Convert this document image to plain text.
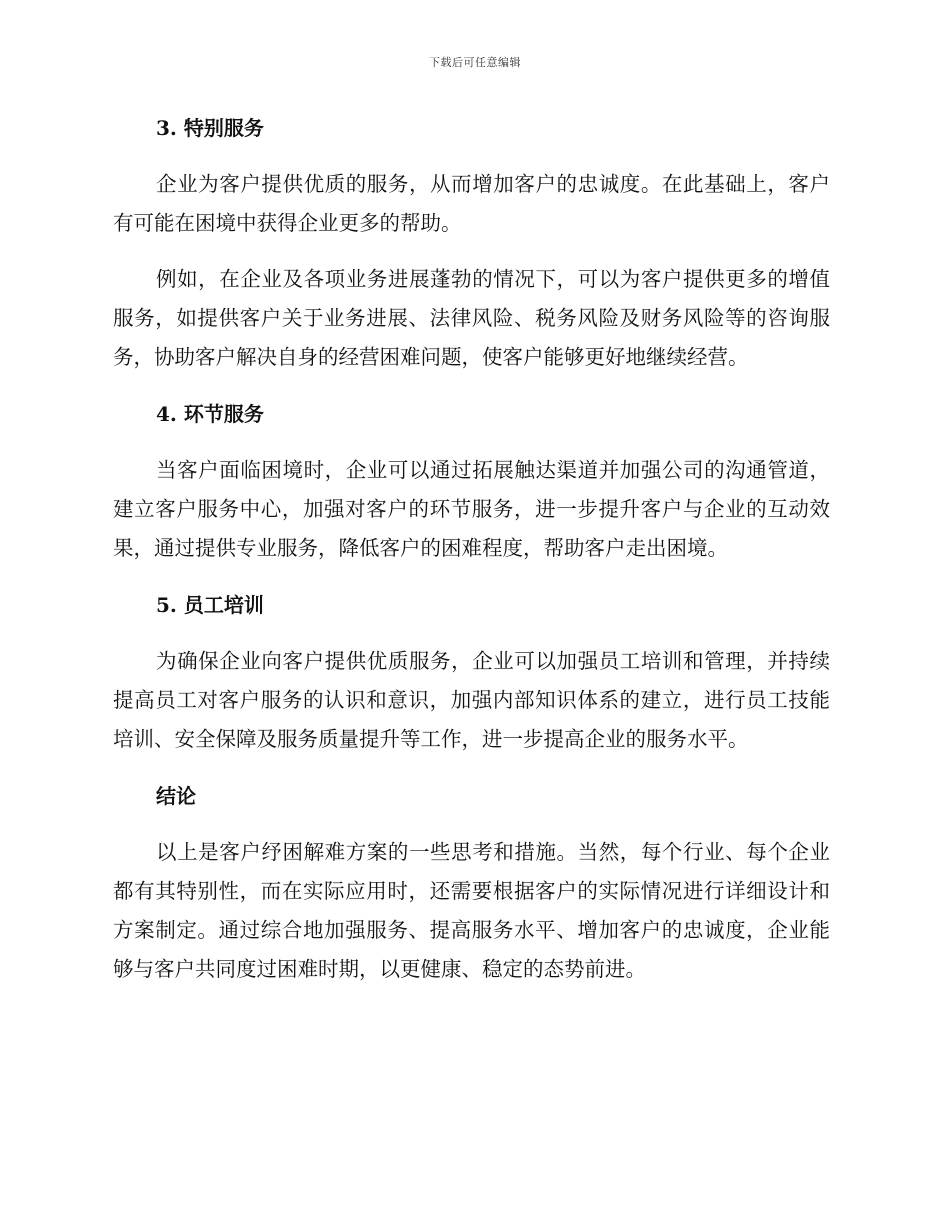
下载后可任意编辑
3. 特别服务

企业为客户提供优质的服务，从而增加客户的忠诚度。在此基础上，客户有可能在困境中获得企业更多的帮助。

例如，在企业及各项业务进展蓬勃的情况下，可以为客户提供更多的增值服务，如提供客户关于业务进展、法律风险、税务风险及财务风险等的咨询服务，协助客户解决自身的经营困难问题，使客户能够更好地继续经营。

4. 环节服务

当客户面临困境时，企业可以通过拓展触达渠道并加强公司的沟通管道，建立客户服务中心，加强对客户的环节服务，进一步提升客户与企业的互动效果，通过提供专业服务，降低客户的困难程度，帮助客户走出困境。

5. 员工培训

为确保企业向客户提供优质服务，企业可以加强员工培训和管理，并持续提高员工对客户服务的认识和意识，加强内部知识体系的建立，进行员工技能培训、安全保障及服务质量提升等工作，进一步提高企业的服务水平。

结论

以上是客户纾困解难方案的一些思考和措施。当然，每个行业、每个企业都有其特别性，而在实际应用时，还需要根据客户的实际情况进行详细设计和方案制定。通过综合地加强服务、提高服务水平、增加客户的忠诚度，企业能够与客户共同度过困难时期，以更健康、稳定的态势前进。
